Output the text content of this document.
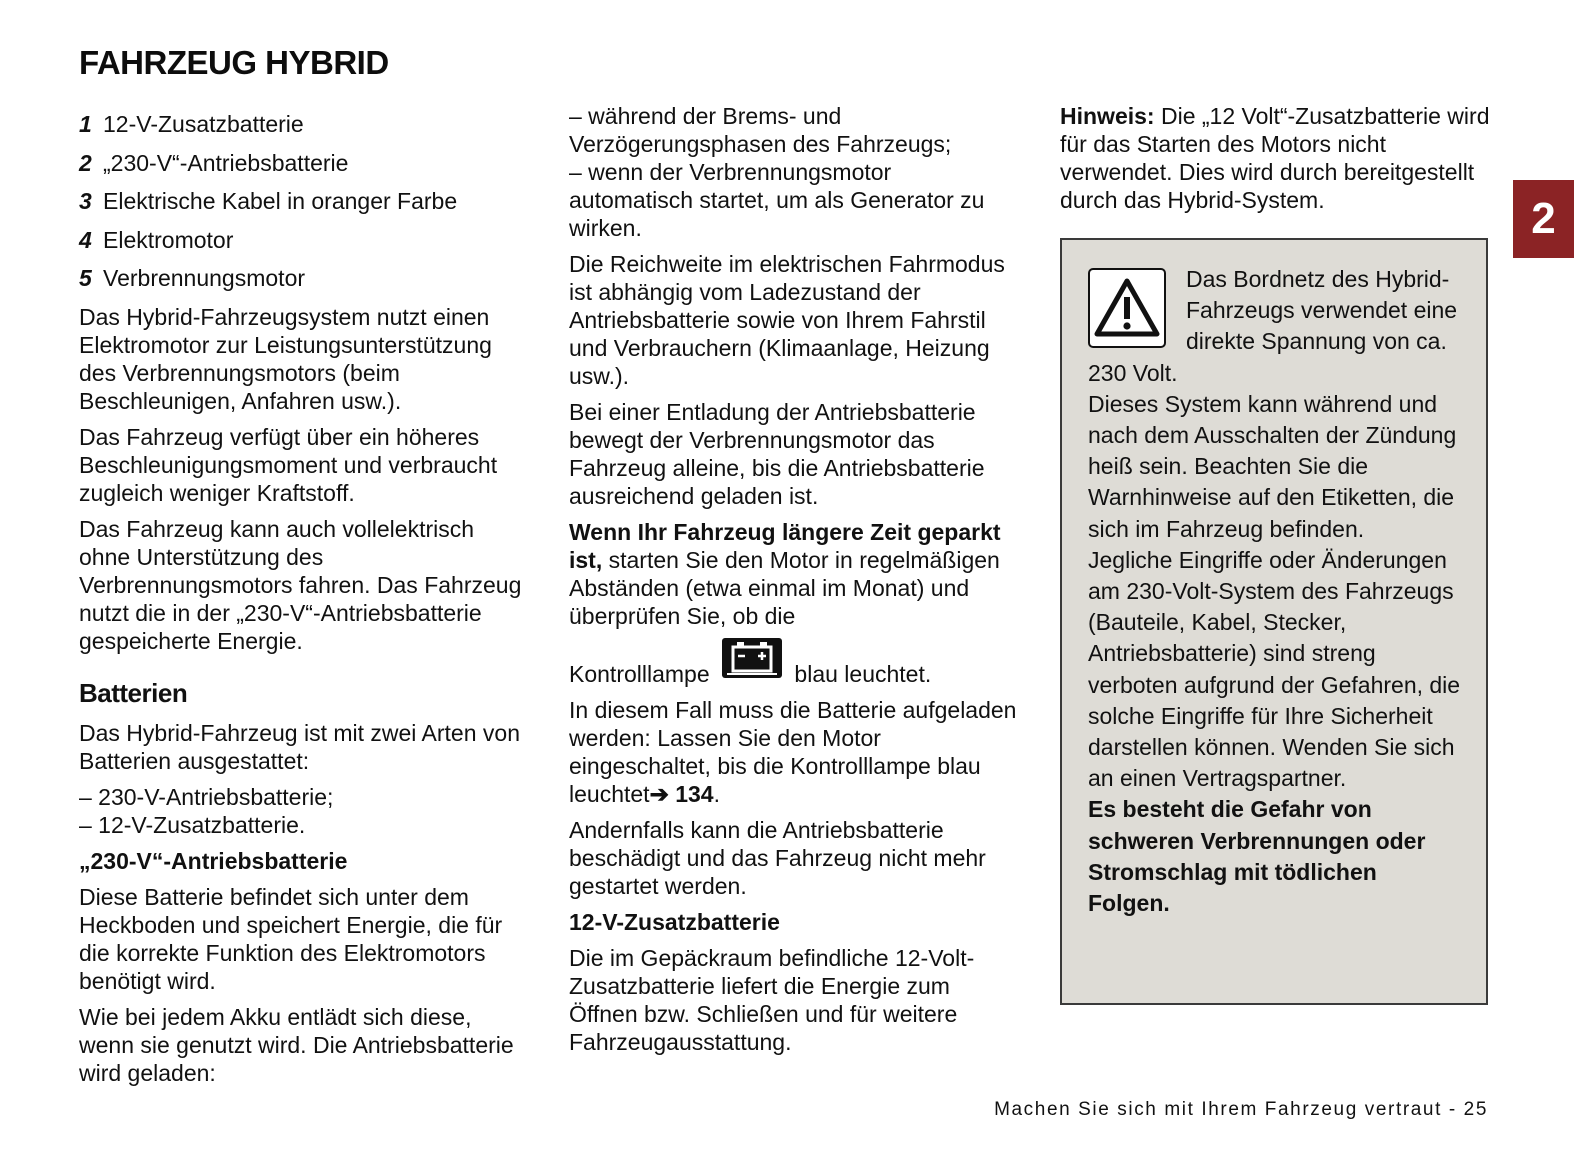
FAHRZEUG HYBRID
1 12-V-Zusatzbatterie
2 „230-V“-Antriebsbatterie
3 Elektrische Kabel in oranger Farbe
4 Elektromotor
5 Verbrennungsmotor

Das Hybrid-Fahrzeugsystem nutzt einen Elektromotor zur Leistungsunterstützung des Verbrennungsmotors (beim Beschleunigen, Anfahren usw.).

Das Fahrzeug verfügt über ein höheres Beschleunigungsmoment und verbraucht zugleich weniger Kraftstoff.

Das Fahrzeug kann auch vollelektrisch ohne Unterstützung des Verbrennungsmotors fahren. Das Fahrzeug nutzt die in der „230-V“-Antriebsbatterie gespeicherte Energie.

Batterien

Das Hybrid-Fahrzeug ist mit zwei Arten von Batterien ausgestattet:

– 230-V-Antriebsbatterie;
– 12-V-Zusatzbatterie.

„230-V“-Antriebsbatterie

Diese Batterie befindet sich unter dem Heckboden und speichert Energie, die für die korrekte Funktion des Elektromotors benötigt wird.

Wie bei jedem Akku entlädt sich diese, wenn sie genutzt wird. Die Antriebsbatterie wird geladen:

– während der Brems- und Verzögerungsphasen des Fahrzeugs;
– wenn der Verbrennungsmotor automatisch startet, um als Generator zu wirken.

Die Reichweite im elektrischen Fahrmodus ist abhängig vom Ladezustand der Antriebsbatterie sowie von Ihrem Fahrstil und Verbrauchern (Klimaanlage, Heizung usw.).

Bei einer Entladung der Antriebsbatterie bewegt der Verbrennungsmotor das Fahrzeug alleine, bis die Antriebsbatterie ausreichend geladen ist.

Wenn Ihr Fahrzeug längere Zeit geparkt ist, starten Sie den Motor in regelmäßigen Abständen (etwa einmal im Monat) und überprüfen Sie, ob die

Kontrolllampe	blau leuchtet.

In diesem Fall muss die Batterie aufgeladen werden: Lassen Sie den Motor eingeschaltet, bis die Kontrolllampe blau leuchtet➔ 134.

Andernfalls kann die Antriebsbatterie beschädigt und das Fahrzeug nicht mehr gestartet werden.

12-V-Zusatzbatterie

Die im Gepäckraum befindliche 12-Volt-Zusatzbatterie liefert die Energie zum Öffnen bzw. Schließen und für weitere Fahrzeugausstattung.

Hinweis: Die „12 Volt“-Zusatzbatterie wird für das Starten des Motors nicht verwendet. Dies wird durch bereitgestellt durch das Hybrid-System.

Das Bordnetz des Hybrid-Fahrzeugs verwendet eine direkte Spannung von ca. 230 Volt.

Dieses System kann während und nach dem Ausschalten der Zündung heiß sein. Beachten Sie die Warnhinweise auf den Etiketten, die sich im Fahrzeug befinden.

Jegliche Eingriffe oder Änderungen am 230-Volt-System des Fahrzeugs (Bauteile, Kabel, Stecker, Antriebsbatterie) sind streng verboten aufgrund der Gefahren, die solche Eingriffe für Ihre Sicherheit darstellen können. Wenden Sie sich an einen Vertragspartner.

Es besteht die Gefahr von schweren Verbrennungen oder Stromschlag mit tödlichen Folgen.

2
Machen Sie sich mit Ihrem Fahrzeug vertraut - 25
